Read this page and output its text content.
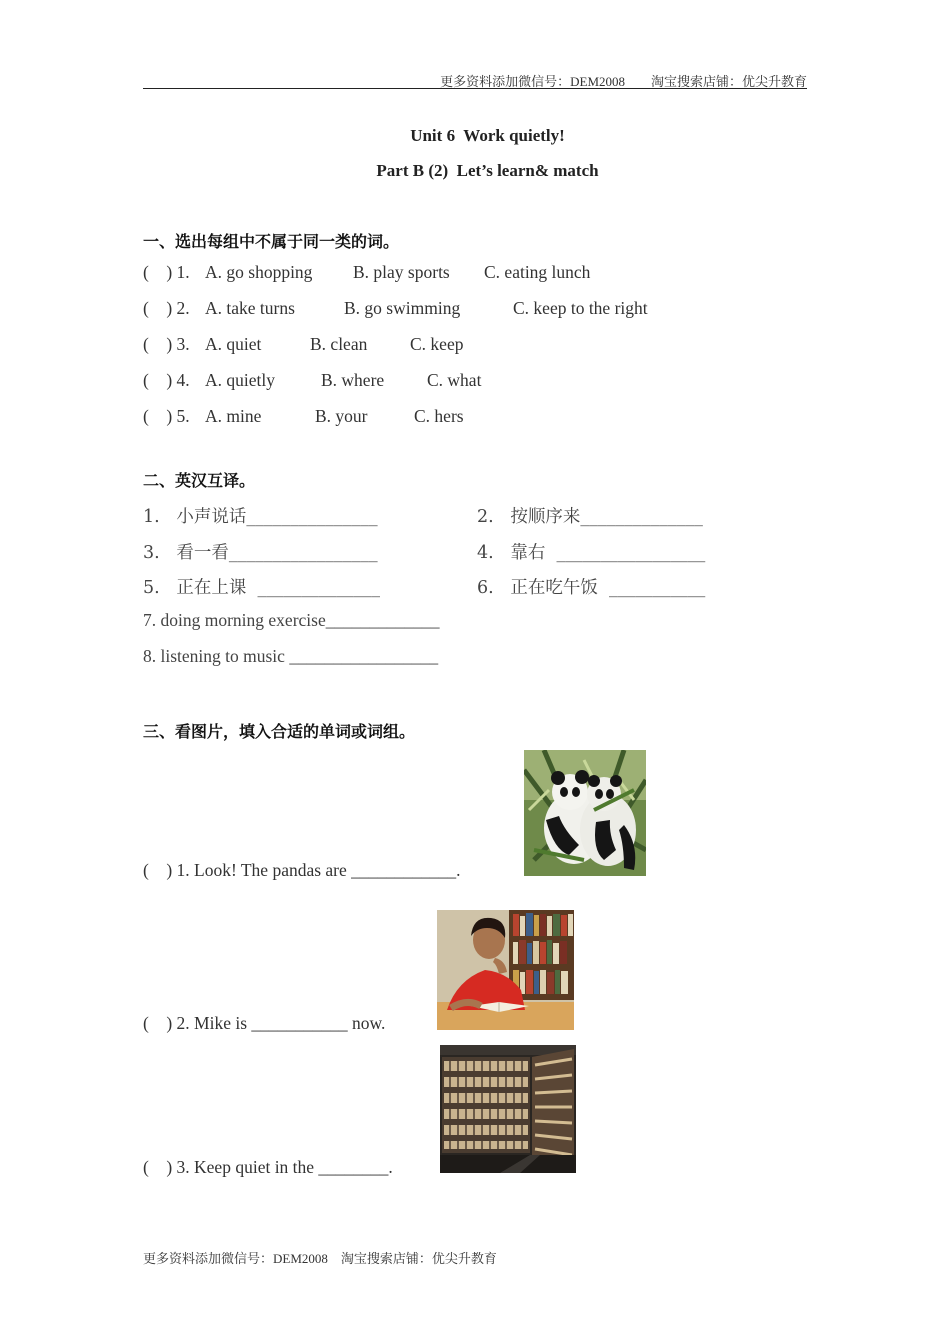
更多资料添加微信号：DEM2008　　淘宝搜索店铺：优尖升教育
Unit 6  Work quietly!
Part B (2)  Let’s learn& match
一、选出每组中不属于同一类的词。

(    ) 1.

A. go shopping

B. play sports

C. eating lunch

(    ) 2.

A. take turns

	B. go swimming

	C. keep to the right

(    ) 3.

A. quiet

	B. clean

C. keep

(    ) 4.

A. quietly

	B. where

C. what

(    ) 5.

A. mine

	B. your

	C. hers

二、英汉互译。
1.   小声说话_______________	2.   按顺序来______________
3.   看一看_________________	4.   靠右  _________________
5.   正在上课  ______________	6.   正在吃午饭  ___________
7. doing morning exercise_____________
8. listening to music _________________
三、看图片，填入合适的单词或词组。
(    ) 1. Look! The pandas are ____________.
(    ) 2. Mike is ___________ now.
(    ) 3. Keep quiet in the ________.
更多资料添加微信号：DEM2008　淘宝搜索店铺：优尖升教育
